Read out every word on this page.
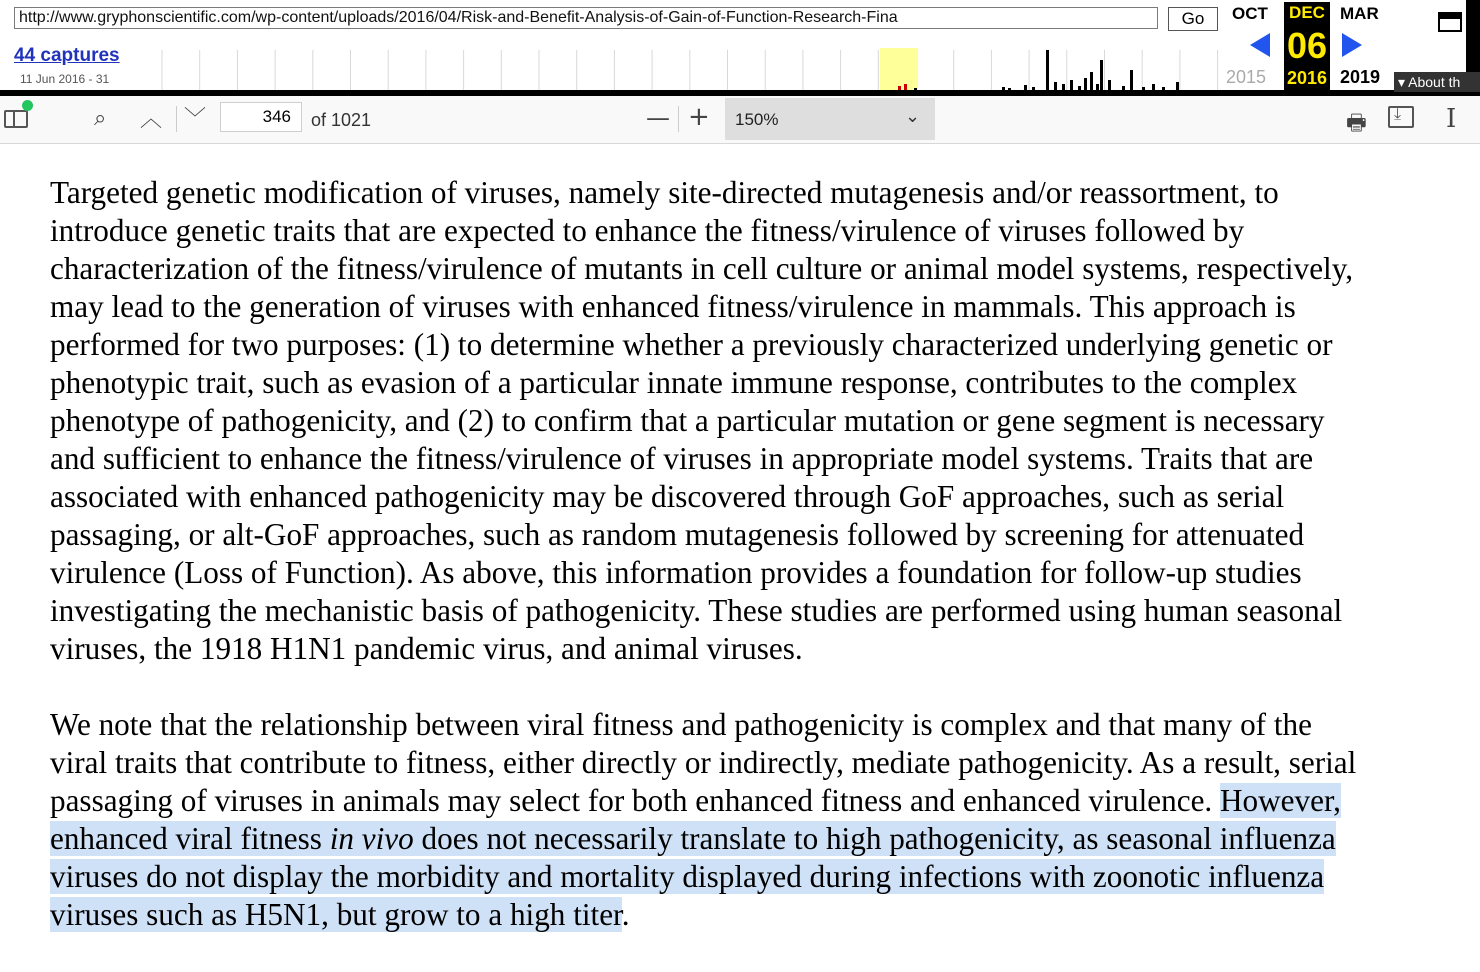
http://www.gryphonscientific.com/wp-content/uploads/2016/04/Risk-and-Benefit-Analysis-of-Gain-of-Function-Research-Fina	Go
44 captures
11 Jun 2016 - 31
OCT DEC MAR
06
2015 2016 2019 ▾ About th
⌕ ︿ ﹀	346	of 1021	— + 150%	⌄	🖶
⤓	I

Targeted genetic modification of viruses, namely site-directed mutagenesis and/or reassortment, to
introduce genetic traits that are expected to enhance the fitness/virulence of viruses followed by
characterization of the fitness/virulence of mutants in cell culture or animal model systems, respectively,
may lead to the generation of viruses with enhanced fitness/virulence in mammals. This approach is
performed for two purposes: (1) to determine whether a previously characterized underlying genetic or
phenotypic trait, such as evasion of a particular innate immune response, contributes to the complex
phenotype of pathogenicity, and (2) to confirm that a particular mutation or gene segment is necessary
and sufficient to enhance the fitness/virulence of viruses in appropriate model systems. Traits that are
associated with enhanced pathogenicity may be discovered through GoF approaches, such as serial
passaging, or alt-GoF approaches, such as random mutagenesis followed by screening for attenuated
virulence (Loss of Function). As above, this information provides a foundation for follow-up studies
investigating the mechanistic basis of pathogenicity. These studies are performed using human seasonal
viruses, the 1918 H1N1 pandemic virus, and animal viruses.

We note that the relationship between viral fitness and pathogenicity is complex and that many of the
viral traits that contribute to fitness, either directly or indirectly, mediate pathogenicity. As a result, serial
passaging of viruses in animals may select for both enhanced fitness and enhanced virulence. However,
enhanced viral fitness in vivo does not necessarily translate to high pathogenicity, as seasonal influenza
viruses do not display the morbidity and mortality displayed during infections with zoonotic influenza
viruses such as H5N1, but grow to a high titer.
